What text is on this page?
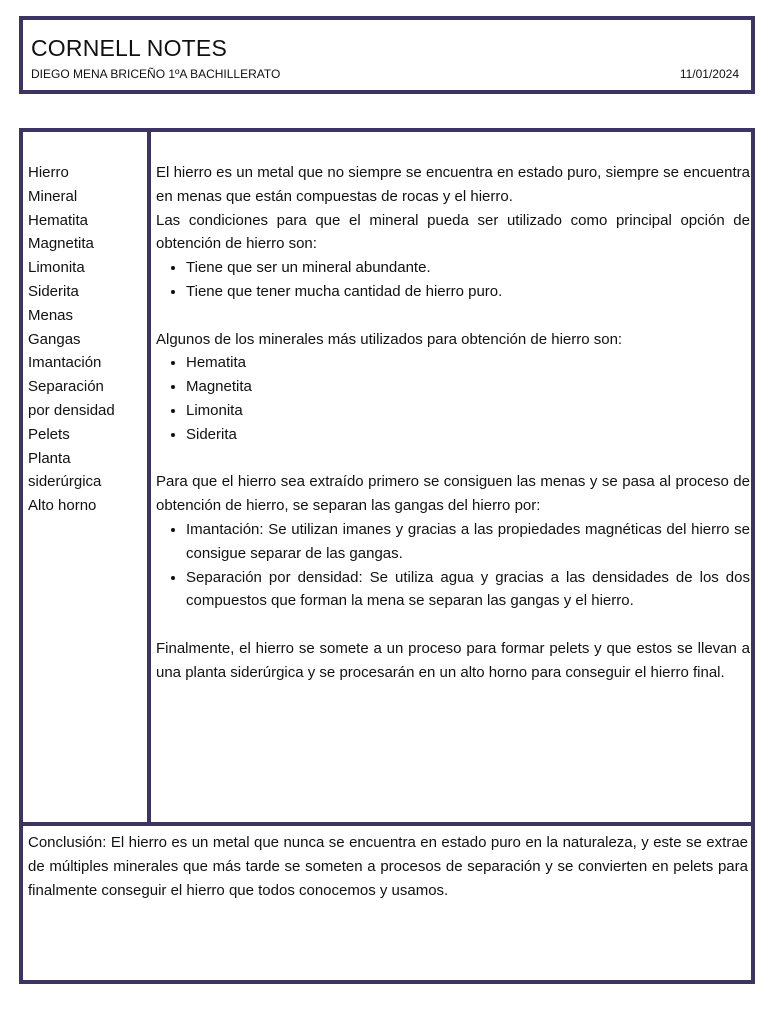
CORNELL NOTES
DIEGO MENA BRICEÑO 1ºA BACHILLERATO	11/01/2024
Hierro
Mineral
Hematita
Magnetita
Limonita
Siderita
Menas
Gangas
Imantación
Separación
por densidad
Pelets
Planta
siderúrgica
Alto horno

El hierro es un metal que no siempre se encuentra en estado puro, siempre se encuentra en menas que están compuestas de rocas y el hierro.

Las condiciones para que el mineral pueda ser utilizado como principal opción de obtención de hierro son:

• Tiene que ser un mineral abundante.
• Tiene que tener mucha cantidad de hierro puro.

Algunos de los minerales más utilizados para obtención de hierro son:

• Hematita
• Magnetita
• Limonita
• Siderita

Para que el hierro sea extraído primero se consiguen las menas y se pasa al proceso de obtención de hierro, se separan las gangas del hierro por:

• Imantación: Se utilizan imanes y gracias a las propiedades magnéticas del hierro se consigue separar de las gangas.
• Separación por densidad: Se utiliza agua y gracias a las densidades de los dos compuestos que forman la mena se separan las gangas y el hierro.

Finalmente, el hierro se somete a un proceso para formar pelets y que estos se llevan a una planta siderúrgica y se procesarán en un alto horno para conseguir el hierro final.

Conclusión: El hierro es un metal que nunca se encuentra en estado puro en la naturaleza, y este se extrae de múltiples minerales que más tarde se someten a procesos de separación y se convierten en pelets para finalmente conseguir el hierro que todos conocemos y usamos.
